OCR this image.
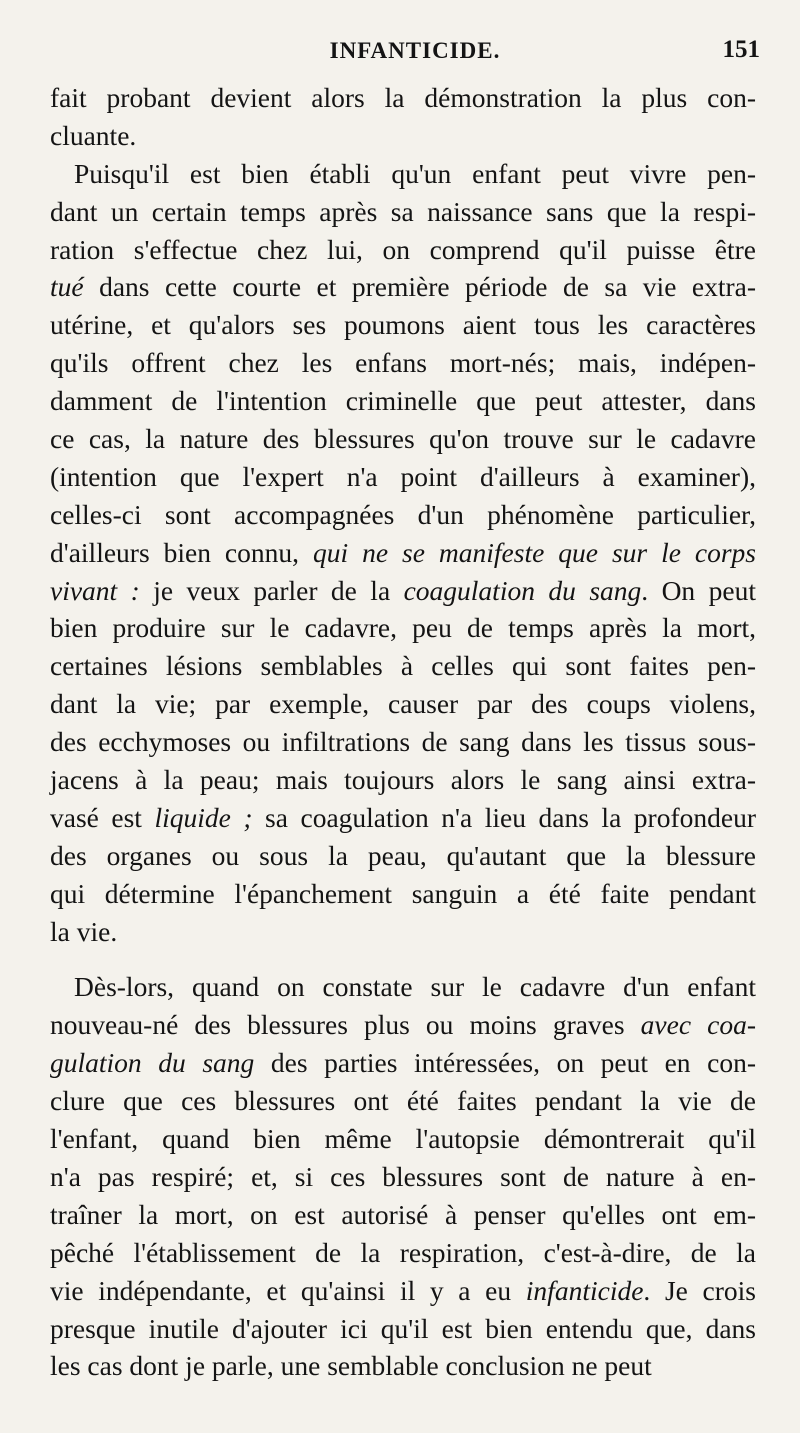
INFANTICIDE.	151
fait probant devient alors la démonstration la plus con-
cluante.
Puisqu'il est bien établi qu'un enfant peut vivre pen-
dant un certain temps après sa naissance sans que la respi-
ration s'effectue chez lui, on comprend qu'il puisse être
tué dans cette courte et première période de sa vie extra-
utérine, et qu'alors ses poumons aient tous les caractères
qu'ils offrent chez les enfans mort-nés; mais, indépen-
damment de l'intention criminelle que peut attester, dans
ce cas, la nature des blessures qu'on trouve sur le cadavre
(intention que l'expert n'a point d'ailleurs à examiner),
celles-ci sont accompagnées d'un phénomène particulier,
d'ailleurs bien connu, qui ne se manifeste que sur le corps
vivant : je veux parler de la coagulation du sang. On peut
bien produire sur le cadavre, peu de temps après la mort,
certaines lésions semblables à celles qui sont faites pen-
dant la vie; par exemple, causer par des coups violens,
des ecchymoses ou infiltrations de sang dans les tissus sous-
jacens à la peau; mais toujours alors le sang ainsi extra-
vasé est liquide ; sa coagulation n'a lieu dans la profondeur
des organes ou sous la peau, qu'autant que la blessure
qui détermine l'épanchement sanguin a été faite pendant
la vie.
Dès-lors, quand on constate sur le cadavre d'un enfant
nouveau-né des blessures plus ou moins graves avec coa-
gulation du sang des parties intéressées, on peut en con-
clure que ces blessures ont été faites pendant la vie de
l'enfant, quand bien même l'autopsie démontrerait qu'il
n'a pas respiré; et, si ces blessures sont de nature à en-
traîner la mort, on est autorisé à penser qu'elles ont em-
pêché l'établissement de la respiration, c'est-à-dire, de la
vie indépendante, et qu'ainsi il y a eu infanticide. Je crois
presque inutile d'ajouter ici qu'il est bien entendu que, dans
les cas dont je parle, une semblable conclusion ne peut
